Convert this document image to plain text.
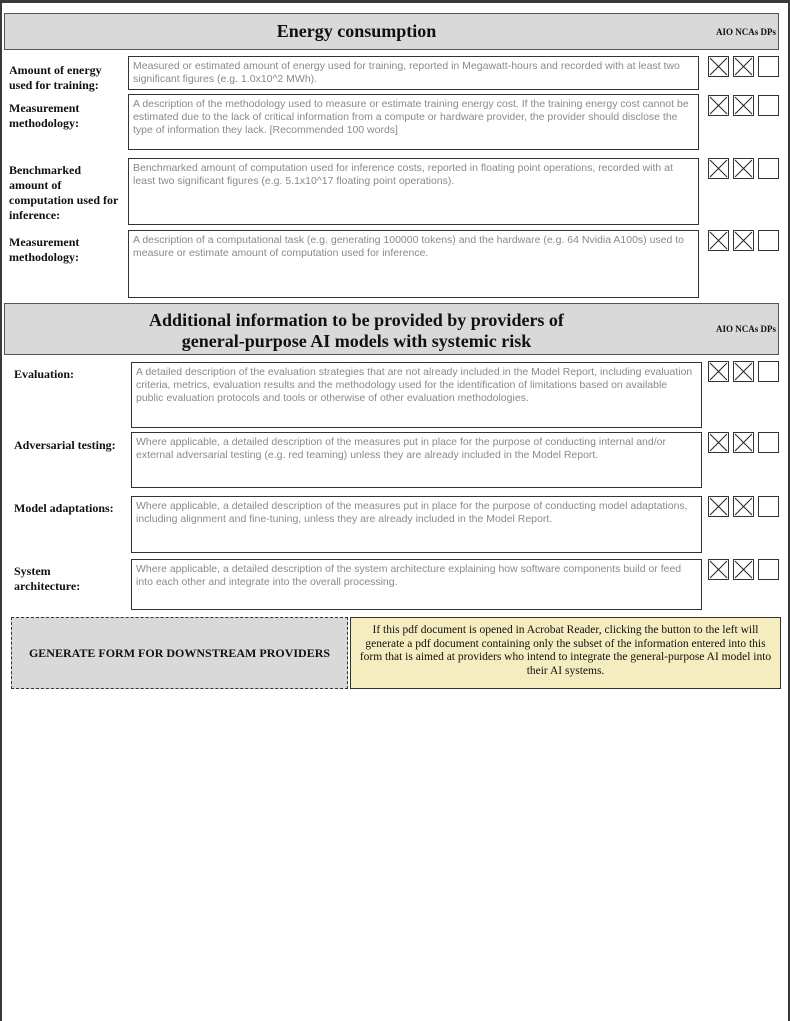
Energy consumption	AIO NCAs DPs
Amount of energy used for training:
Measured or estimated amount of energy used for training, reported in Megawatt-hours and recorded with at least two significant figures (e.g. 1.0x10^2 MWh).
Measurement methodology:
A description of the methodology used to measure or estimate training energy cost. If the training energy cost cannot be estimated due to the lack of critical information from a compute or hardware provider, the provider should disclose the type of information they lack. [Recommended 100 words]
Benchmarked amount of computation used for inference:
Benchmarked amount of computation used for inference costs, reported in floating point operations, recorded with at least two significant figures (e.g. 5.1x10^17 floating point operations).
Measurement methodology:
A description of a computational task (e.g. generating 100000 tokens) and the hardware (e.g. 64 Nvidia A100s) used to measure or estimate amount of computation used for inference.
Additional information to be provided by providers of
general-purpose AI models with systemic risk
AIO NCAs DPs
Evaluation:	A detailed description of the evaluation strategies that are not already included in the Model Report, including evaluation criteria, metrics, evaluation results and the methodology used for the identification of limitations based on available public evaluation protocols and tools or otherwise of other evaluation methodologies.
Adversarial testing:	Where applicable, a detailed description of the measures put in place for the purpose of conducting internal and/or external adversarial testing (e.g. red teaming) unless they are already included in the Model Report.
Model adaptations:	Where applicable, a detailed description of the measures put in place for the purpose of conducting model adaptations, including alignment and fine-tuning, unless they are already included in the Model Report.
System architecture:
Where applicable, a detailed description of the system architecture explaining how software components build or feed into each other and integrate into the overall processing.
GENERATE FORM FOR DOWNSTREAM PROVIDERS
If this pdf document is opened in Acrobat Reader, clicking the button to the left will generate a pdf document containing only the subset of the information entered into this form that is aimed at providers who intend to integrate the general-purpose AI model into their AI systems.
